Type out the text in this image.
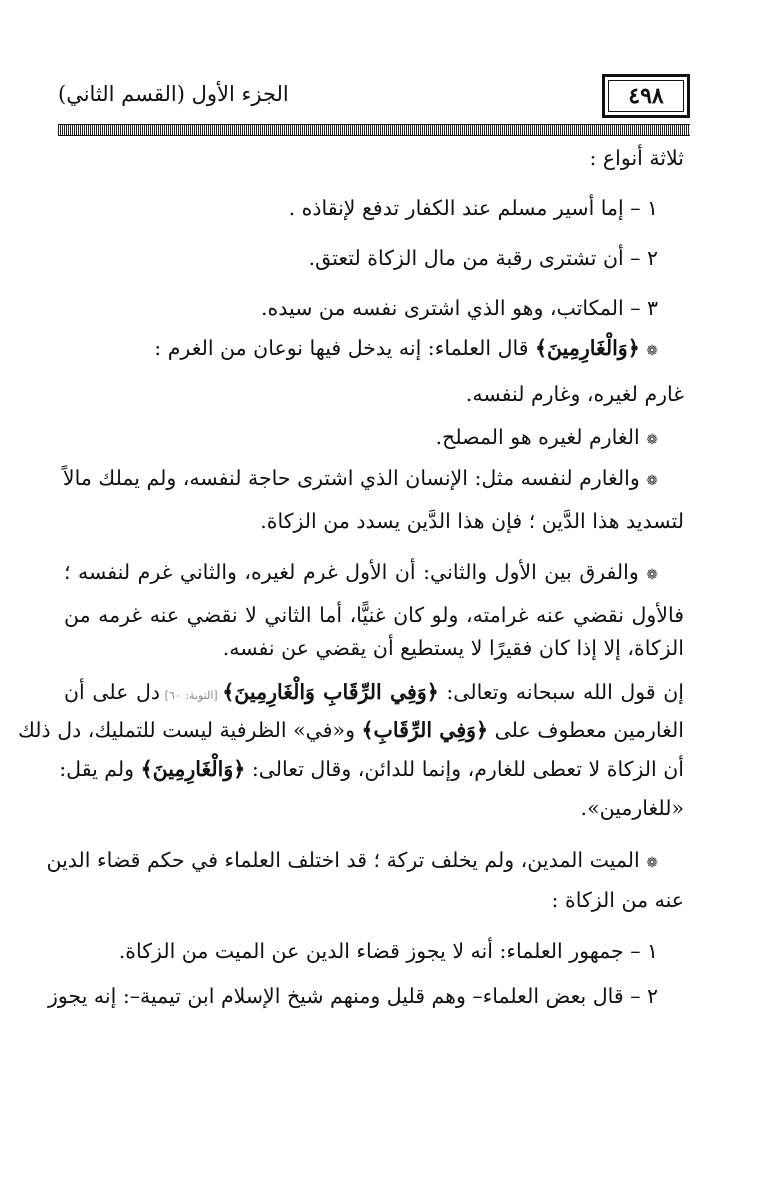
٤٩٨
الجزء الأول (القسم الثاني)
ثلاثة أنواع :
١ – إما أسير مسلم عند الكفار تدفع لإنقاذه .
٢ – أن تشترى رقبة من مال الزكاة لتعتق.
٣ – المكاتب، وهو الذي اشترى نفسه من سيده.
❁ ﴿وَالْغَارِمِينَ﴾ قال العلماء: إنه يدخل فيها نوعان من الغرم :
غارم لغيره، وغارم لنفسه.
❁ الغارم لغيره هو المصلح.
❁ والغارم لنفسه مثل: الإنسان الذي اشترى حاجة لنفسه، ولم يملك مالاً
لتسديد هذا الدَّين ؛ فإن هذا الدَّين يسدد من الزكاة.
❁ والفرق بين الأول والثاني: أن الأول غرم لغيره، والثاني غرم لنفسه ؛
فالأول نقضي عنه غرامته، ولو كان غنيًّا، أما الثاني لا نقضي عنه غرمه من
الزكاة، إلا إذا كان فقيرًا لا يستطيع أن يقضي عن نفسه.
إن قول الله سبحانه وتعالى: ﴿وَفِي الرِّقَابِ وَالْغَارِمِينَ﴾ [التوبة: ٦٠] دل على أن
الغارمين معطوف على ﴿وَفِي الرِّقَابِ﴾ و«في» الظرفية ليست للتمليك، دل ذلك
أن الزكاة لا تعطى للغارم، وإنما للدائن، وقال تعالى: ﴿وَالْغَارِمِينَ﴾ ولم يقل:
«للغارمين».
❁ الميت المدين، ولم يخلف تركة ؛ قد اختلف العلماء في حكم قضاء الدين
عنه من الزكاة :
١ – جمهور العلماء: أنه لا يجوز قضاء الدين عن الميت من الزكاة.
٢ – قال بعض العلماء– وهم قليل ومنهم شيخ الإسلام ابن تيمية–: إنه يجوز
